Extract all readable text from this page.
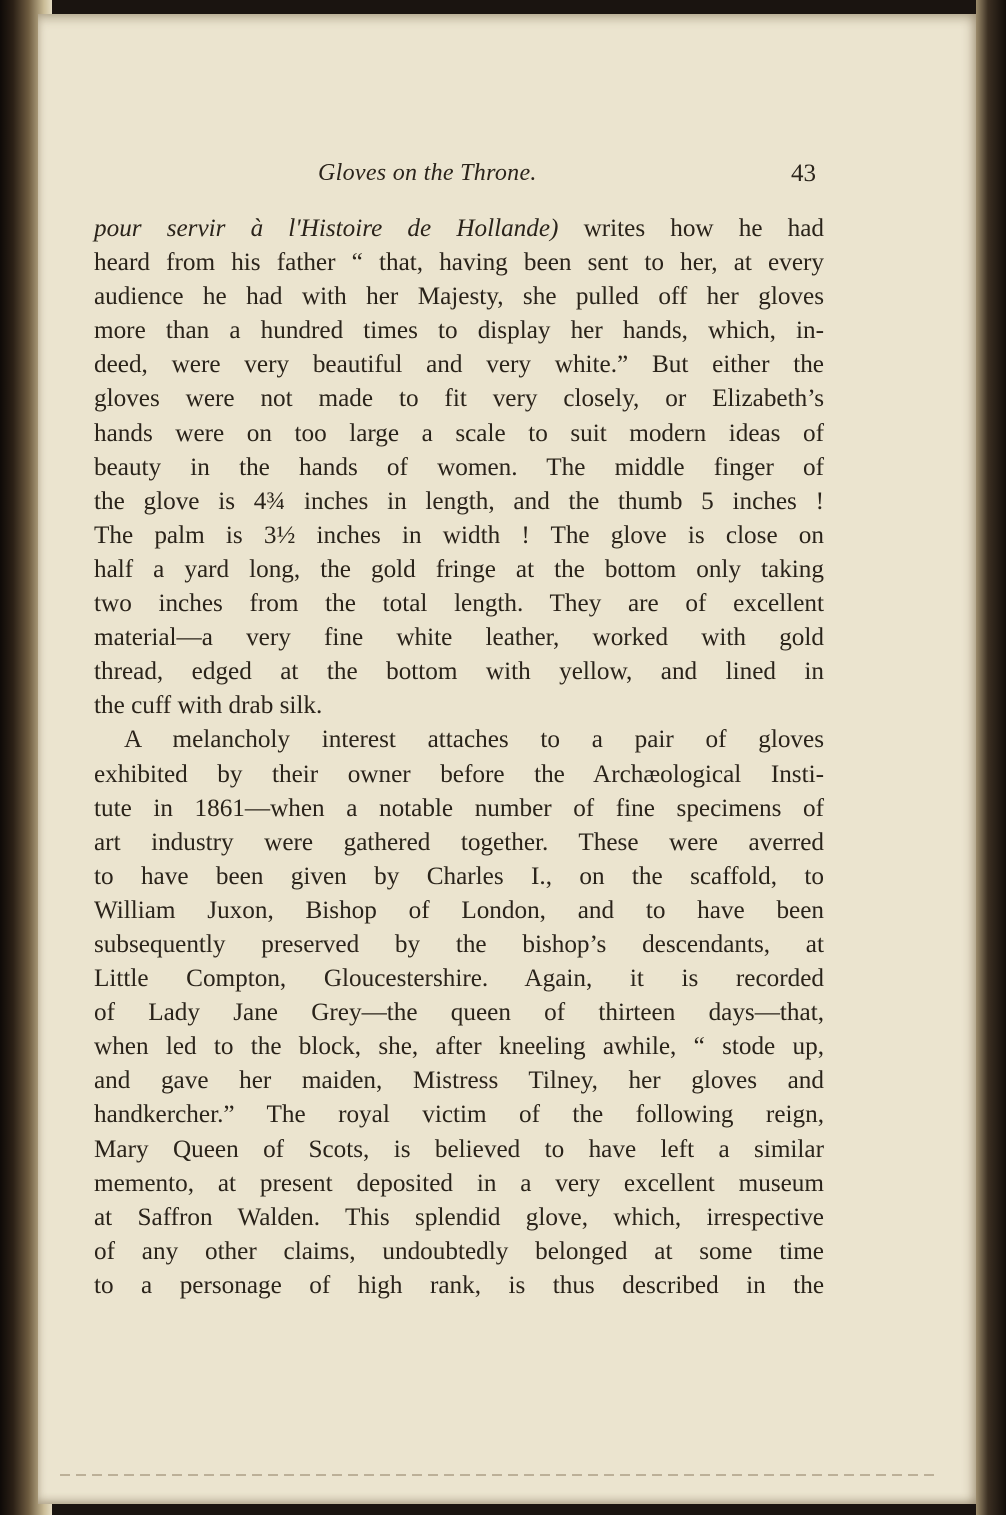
Gloves on the Throne.	43
pour servir à l'Histoire de Hollande) writes how he had
heard from his father “ that, having been sent to her, at every
audience he had with her Majesty, she pulled off her gloves
more than a hundred times to display her hands, which, in-
deed, were very beautiful and very white.” But either the
gloves were not made to fit very closely, or Elizabeth’s
hands were on too large a scale to suit modern ideas of
beauty in the hands of women. The middle finger of
the glove is 4¾ inches in length, and the thumb 5 inches !
The palm is 3½ inches in width ! The glove is close on
half a yard long, the gold fringe at the bottom only taking
two inches from the total length. They are of excellent
material—a very fine white leather, worked with gold
thread, edged at the bottom with yellow, and lined in
the cuff with drab silk.
A melancholy interest attaches to a pair of gloves
exhibited by their owner before the Archæological Insti-
tute in 1861—when a notable number of fine specimens of
art industry were gathered together. These were averred
to have been given by Charles I., on the scaffold, to
William Juxon, Bishop of London, and to have been
subsequently preserved by the bishop’s descendants, at
Little Compton, Gloucestershire. Again, it is recorded
of Lady Jane Grey—the queen of thirteen days—that,
when led to the block, she, after kneeling awhile, “ stode up,
and gave her maiden, Mistress Tilney, her gloves and
handkercher.” The royal victim of the following reign,
Mary Queen of Scots, is believed to have left a similar
memento, at present deposited in a very excellent museum
at Saffron Walden. This splendid glove, which, irrespective
of any other claims, undoubtedly belonged at some time
to a personage of high rank, is thus described in the
